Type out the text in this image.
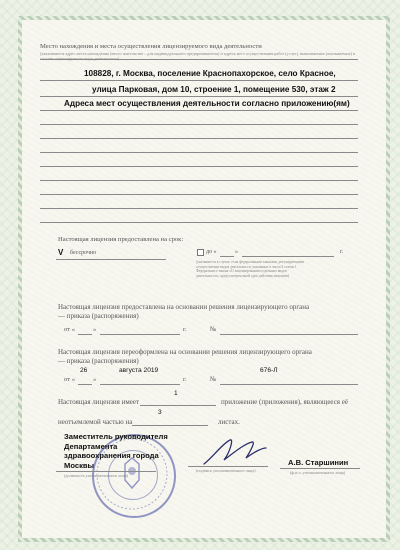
Место нахождения и места осуществления лицензируемого вида деятельности
(указываются адрес места нахождения (место жительства – для индивидуального предпринимателя) и адреса мест осуществления работ (услуг), выполняемых (оказываемых) в составе лицензируемого вида деятельности)
108828, г. Москва, поселение Краснопахорское, село Красное,
улица Парковая, дом 10, строение 1, помещение 530, этаж 2
Адреса мест осуществления деятельности согласно приложению(ям)
Настоящая лицензия предоставлена на срок:
V бессрочно	до «	»	г.
(указывается в случае, если федеральными законами, регулирующими осуществление видов деятельности, указанных в части 4 статьи 1 Федерального закона «О лицензировании отдельных видов деятельности», предусмотрен иной срок действия лицензии)
Настоящая лицензия предоставлена на основании решения лицензирующего органа
— приказа (распоряжения)
от «	»	г.	№
Настоящая лицензия переоформлена на основании решения лицензирующего органа
— приказа (распоряжения)
26	августа 2019	676-Л
от «	»	г.	№
1
Настоящая лицензия имеет	приложение (приложения), являющееся её
3
неотъемлемой частью на	листах.
Заместитель руководителя
Департамента
здравоохранения города
Москвы
(должность уполномоченного лица)
(подпись уполномоченного лица)
А.В. Старшинин
(ф.и.о. уполномоченного лица)
